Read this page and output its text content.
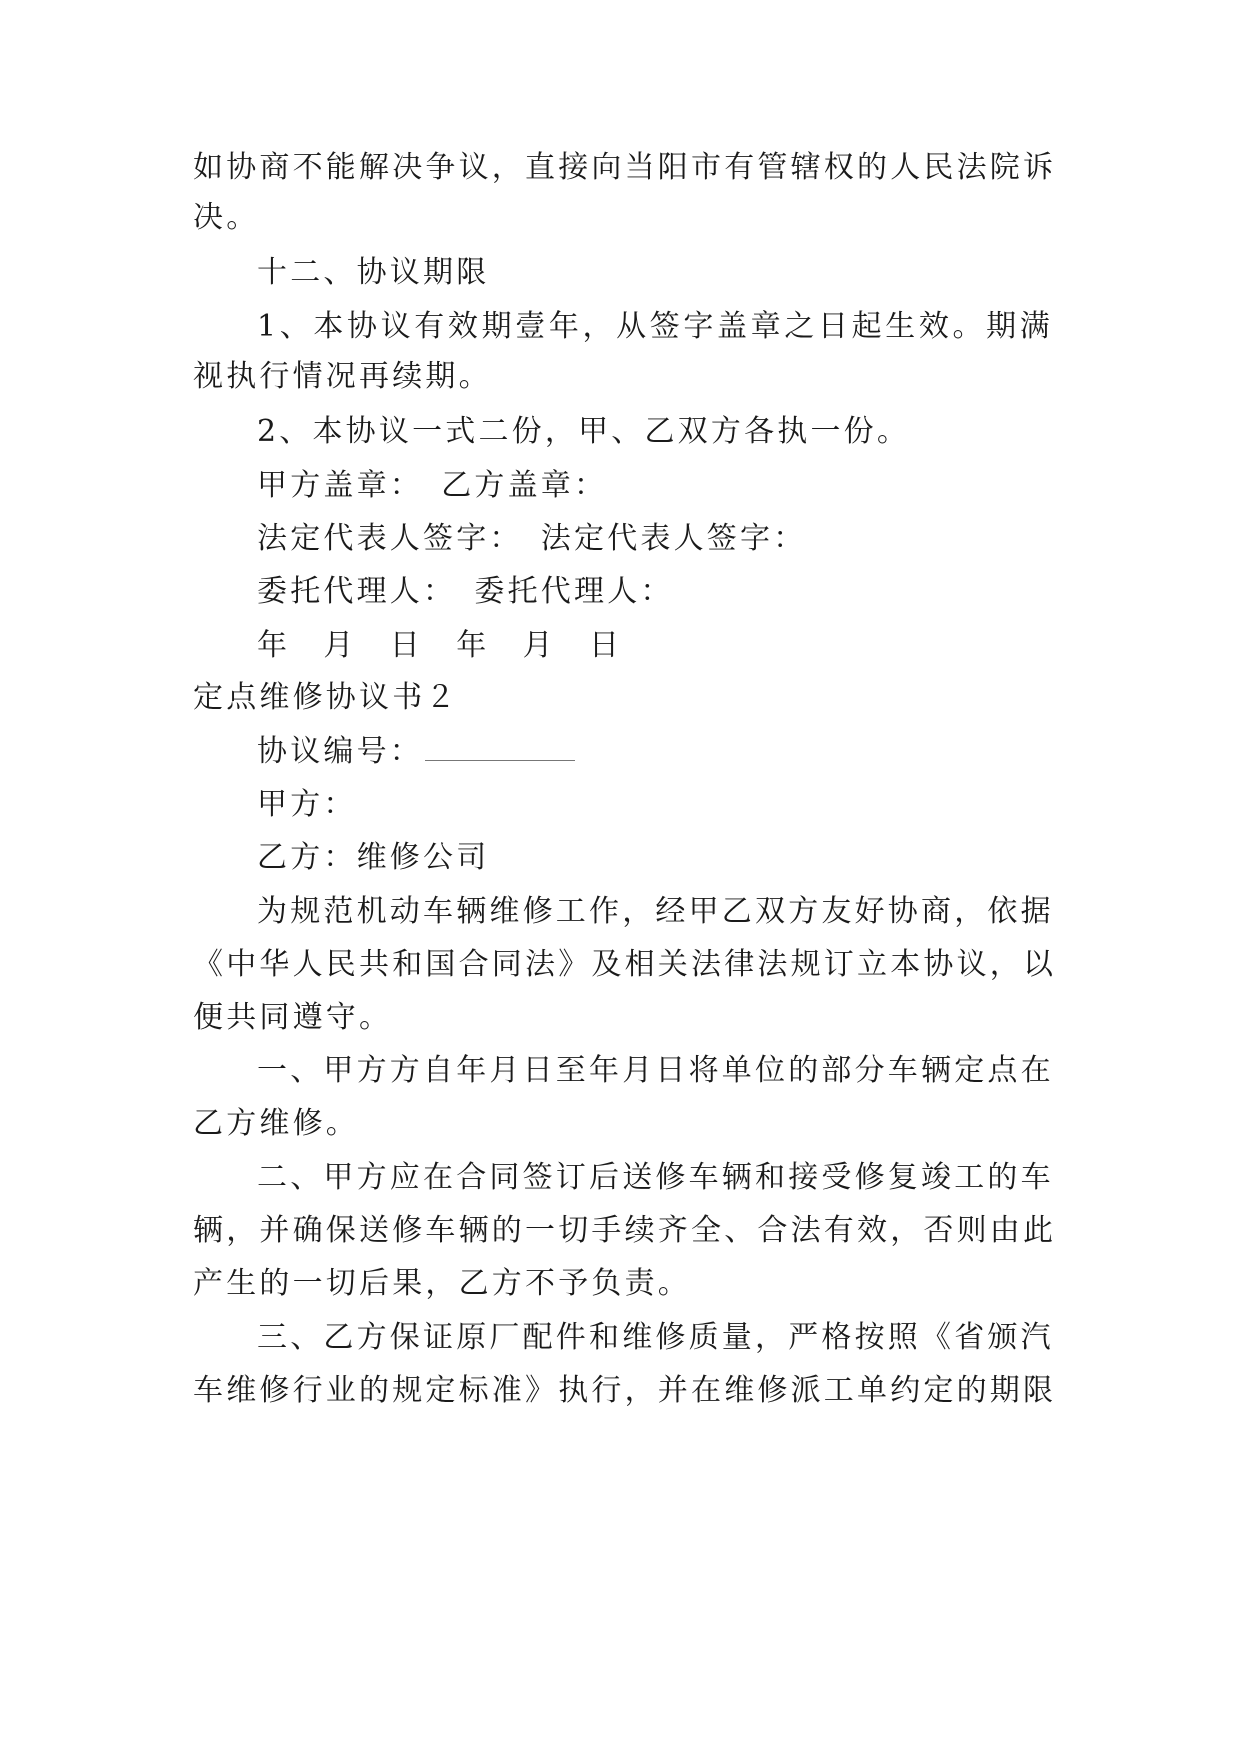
如协商不能解决争议，直接向当阳市有管辖权的人民法院诉
决。
十二、协议期限
1、本协议有效期壹年，从签字盖章之日起生效。期满
视执行情况再续期。
2、本协议一式二份，甲、乙双方各执一份。
甲方盖章：　乙方盖章：
法定代表人签字：　法定代表人签字：
委托代理人：　委托代理人：
年　月　日　年　月　日
定点维修协议书２
协议编号：
甲方：
乙方：维修公司
为规范机动车辆维修工作，经甲乙双方友好协商，依据
《中华人民共和国合同法》及相关法律法规订立本协议，以
便共同遵守。
一、甲方方自年月日至年月日将单位的部分车辆定点在
乙方维修。
二、甲方应在合同签订后送修车辆和接受修复竣工的车
辆，并确保送修车辆的一切手续齐全、合法有效，否则由此
产生的一切后果，乙方不予负责。
三、乙方保证原厂配件和维修质量，严格按照《省颁汽
车维修行业的规定标准》执行，并在维修派工单约定的期限
